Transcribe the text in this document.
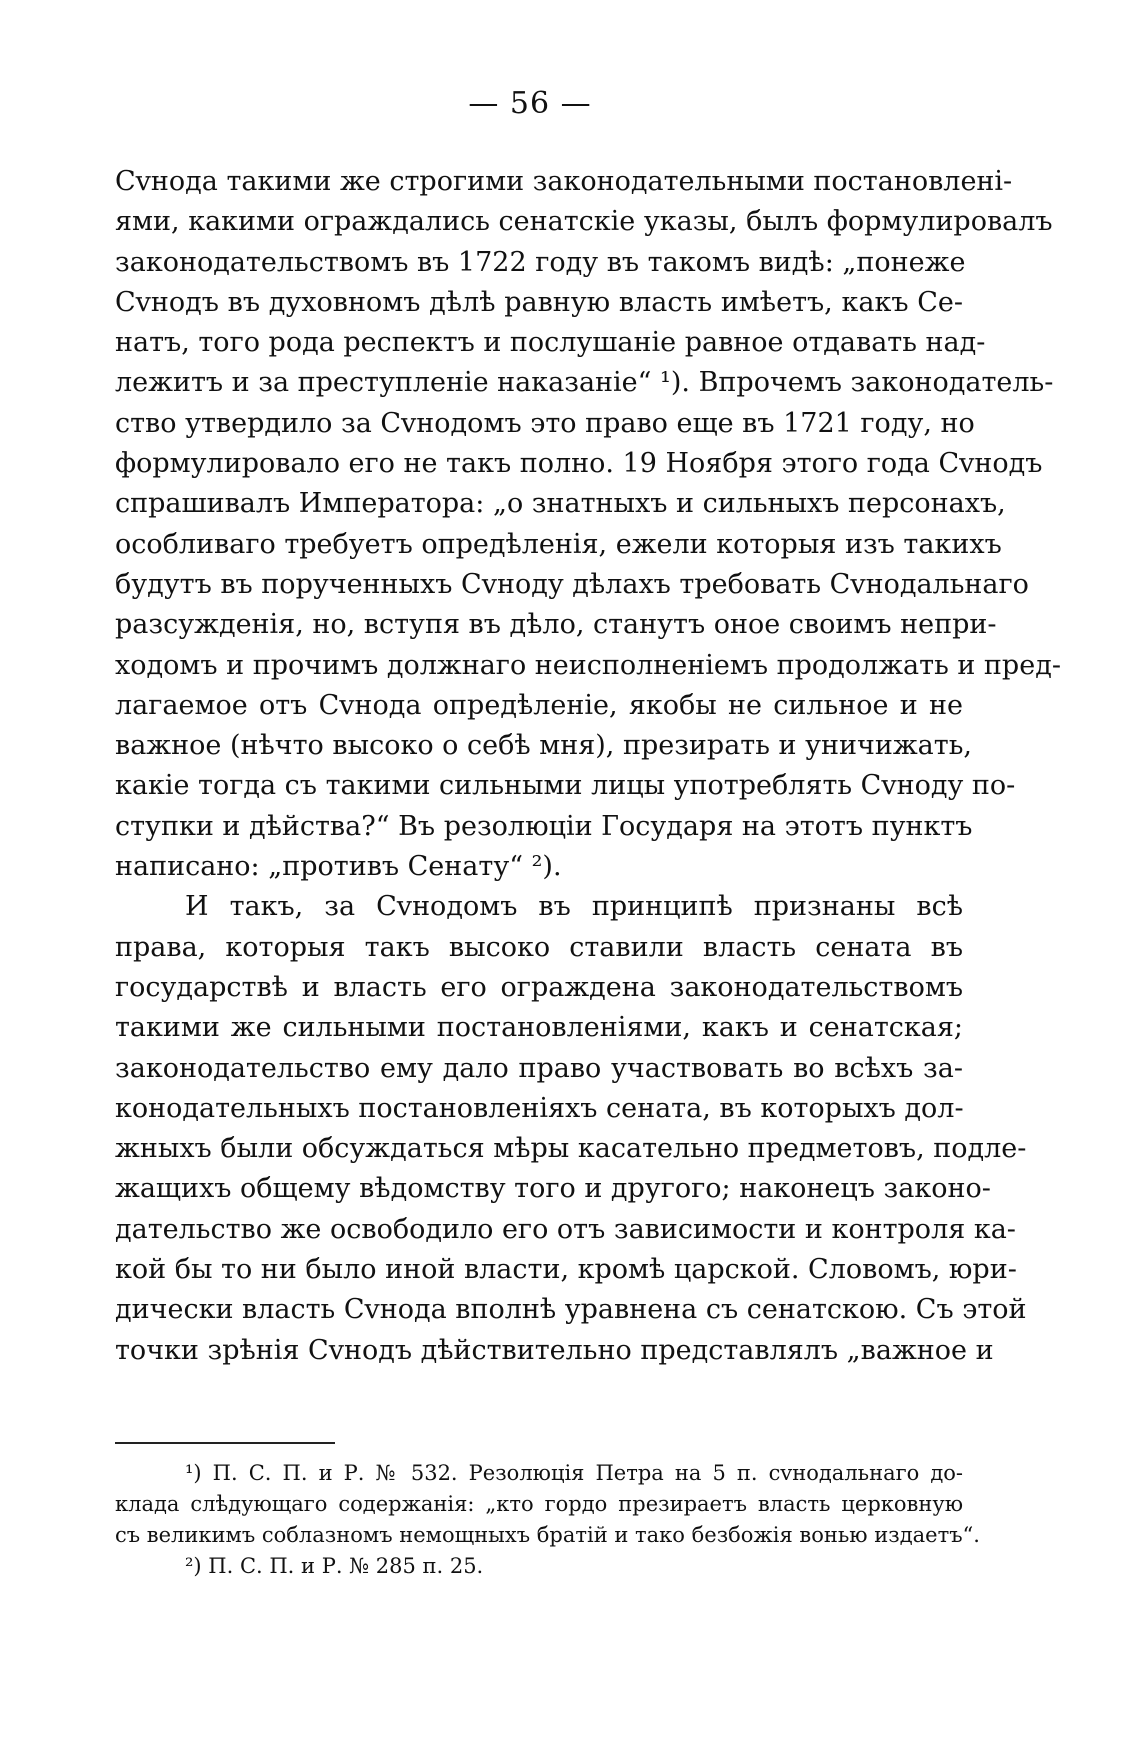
— 56 —
Сvнода такими же строгими законодательными постановлені-
ями, какими ограждались сенатскіе указы, былъ формулировалъ
законодательствомъ въ 1722 году въ такомъ видѣ: „понеже
Сvнодъ въ духовномъ дѣлѣ равную власть имѣетъ, какъ Се-
натъ, того рода респектъ и послушаніе равное отдавать над-
лежитъ и за преступленіе наказаніе“ ¹). Впрочемъ законодатель-
ство утвердило за Сvнодомъ это право еще въ 1721 году, но
формулировало его не такъ полно. 19 Ноября этого года Сvнодъ
спрашивалъ Императора: „о знатныхъ и сильныхъ персонахъ,
особливаго требуетъ опредѣленія, ежели которыя изъ такихъ
будутъ въ порученныхъ Сvноду дѣлахъ требовать Сvнодальнаго
разсужденія, но, вступя въ дѣло, станутъ оное своимъ непри-
ходомъ и прочимъ должнаго неисполненіемъ продолжать и пред-
лагаемое отъ Сvнода опредѣленіе, якобы не сильное и не
важное (нѣчто высоко о себѣ мня), презирать и уничижать,
какіе тогда съ такими сильными лицы употреблять Сvноду по-
ступки и дѣйства?“ Въ резолюціи Государя на этотъ пунктъ
написано: „противъ Сенату“ ²).
И такъ, за Сvнодомъ въ принципѣ признаны всѣ
права, которыя такъ высоко ставили власть сената въ
государствѣ и власть его ограждена законодательствомъ
такими же сильными постановленіями, какъ и сенатская;
законодательство ему дало право участвовать во всѣхъ за-
конодательныхъ постановленіяхъ сената, въ которыхъ дол-
жныхъ были обсуждаться мѣры касательно предметовъ, подле-
жащихъ общему вѣдомству того и другого; наконецъ законо-
дательство же освободило его отъ зависимости и контроля ка-
кой бы то ни было иной власти, кромѣ царской. Словомъ, юри-
дически власть Сvнода вполнѣ уравнена съ сенатскою. Съ этой
точки зрѣнія Сvнодъ дѣйствительно представлялъ „важное и
¹) П. С. П. и Р. № 532. Резолюція Петра на 5 п. сvнодальнаго до-
клада слѣдующаго содержанія: „кто гордо презираетъ власть церковную
съ великимъ соблазномъ немощныхъ братій и тако безбожія вонью издаетъ“.
²) П. С. П. и Р. № 285 п. 25.
